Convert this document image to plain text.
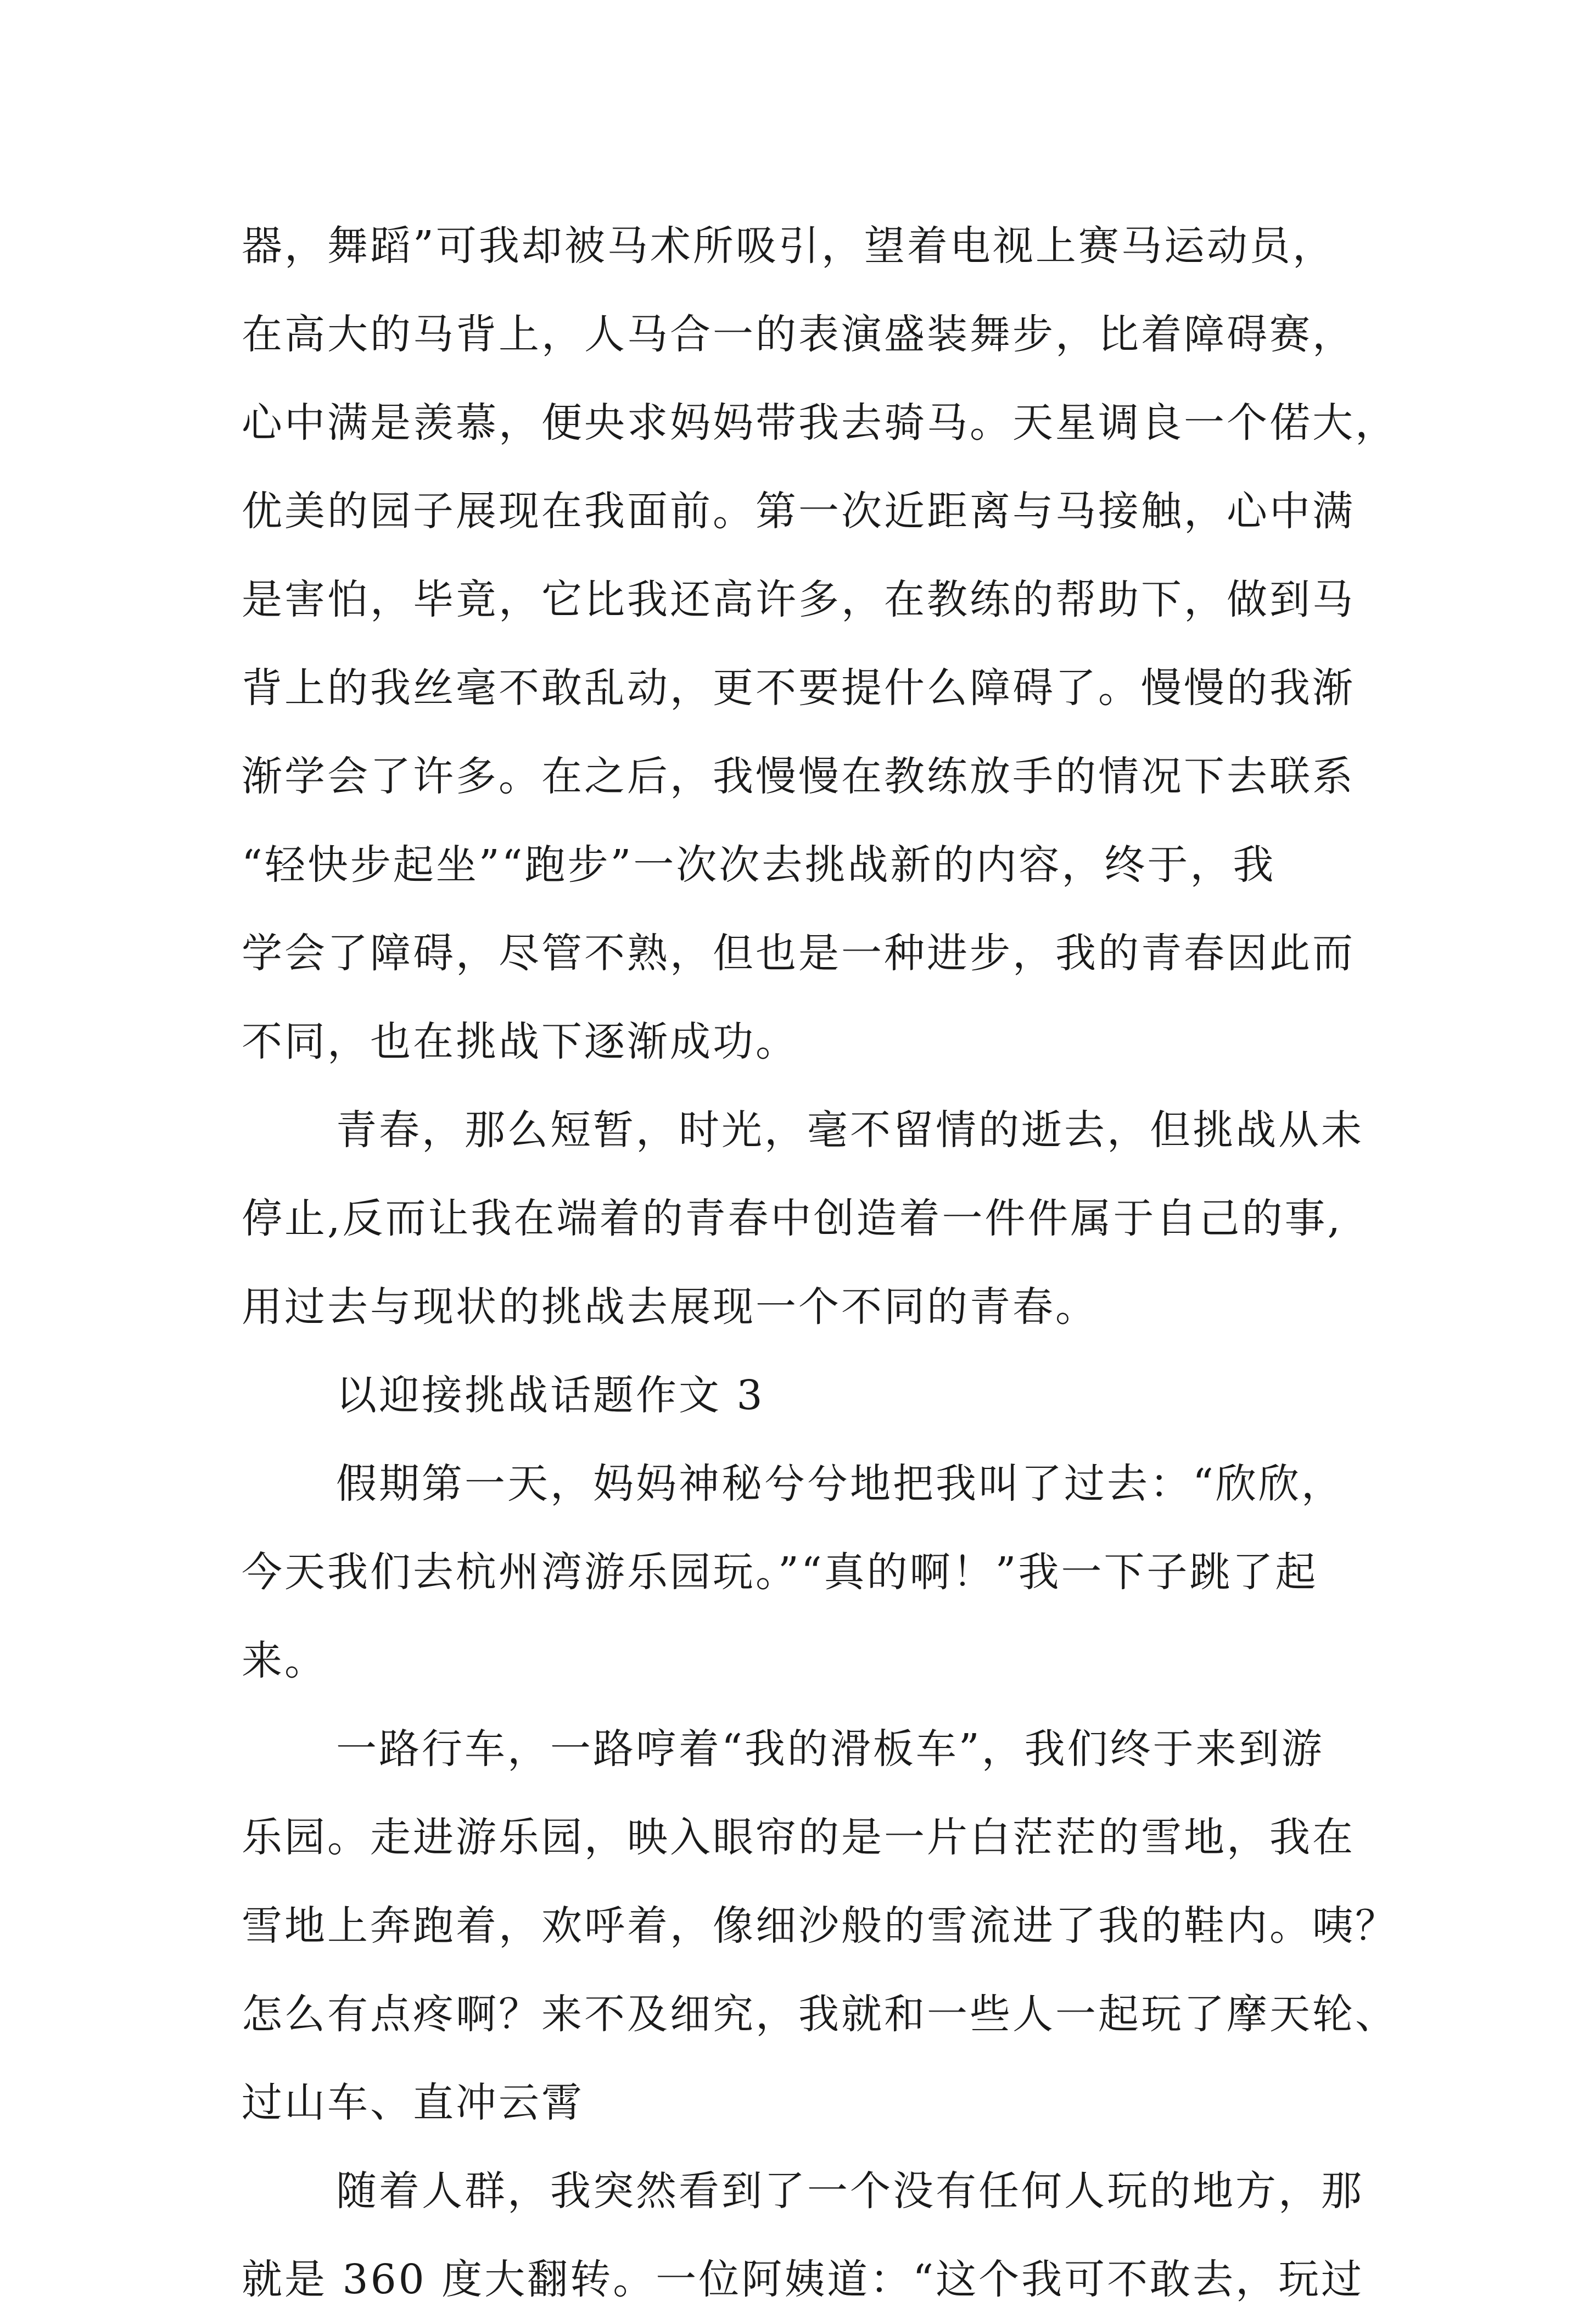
器，舞蹈”可我却被马术所吸引，望着电视上赛马运动员，
在高大的马背上，人马合一的表演盛装舞步，比着障碍赛，
心中满是羡慕，便央求妈妈带我去骑马。天星调良一个偌大，
优美的园子展现在我面前。第一次近距离与马接触，心中满
是害怕，毕竟，它比我还高许多，在教练的帮助下，做到马
背上的我丝毫不敢乱动，更不要提什么障碍了。慢慢的我渐
渐学会了许多。在之后，我慢慢在教练放手的情况下去联系
“轻快步起坐”“跑步”一次次去挑战新的内容，终于，我
学会了障碍，尽管不熟，但也是一种进步，我的青春因此而
不同，也在挑战下逐渐成功。
青春，那么短暂，时光，毫不留情的逝去，但挑战从未
停止,反而让我在端着的青春中创造着一件件属于自己的事,
用过去与现状的挑战去展现一个不同的青春。
以迎接挑战话题作文 3
假期第一天，妈妈神秘兮兮地把我叫了过去：“欣欣，
今天我们去杭州湾游乐园玩。”“真的啊！”我一下子跳了起
来。
一路行车，一路哼着“我的滑板车”，我们终于来到游
乐园。走进游乐园，映入眼帘的是一片白茫茫的雪地，我在
雪地上奔跑着，欢呼着，像细沙般的雪流进了我的鞋内。咦？
怎么有点疼啊？来不及细究，我就和一些人一起玩了摩天轮、
过山车、直冲云霄
随着人群，我突然看到了一个没有任何人玩的地方，那
就是 360 度大翻转。一位阿姨道：“这个我可不敢去，玩过
